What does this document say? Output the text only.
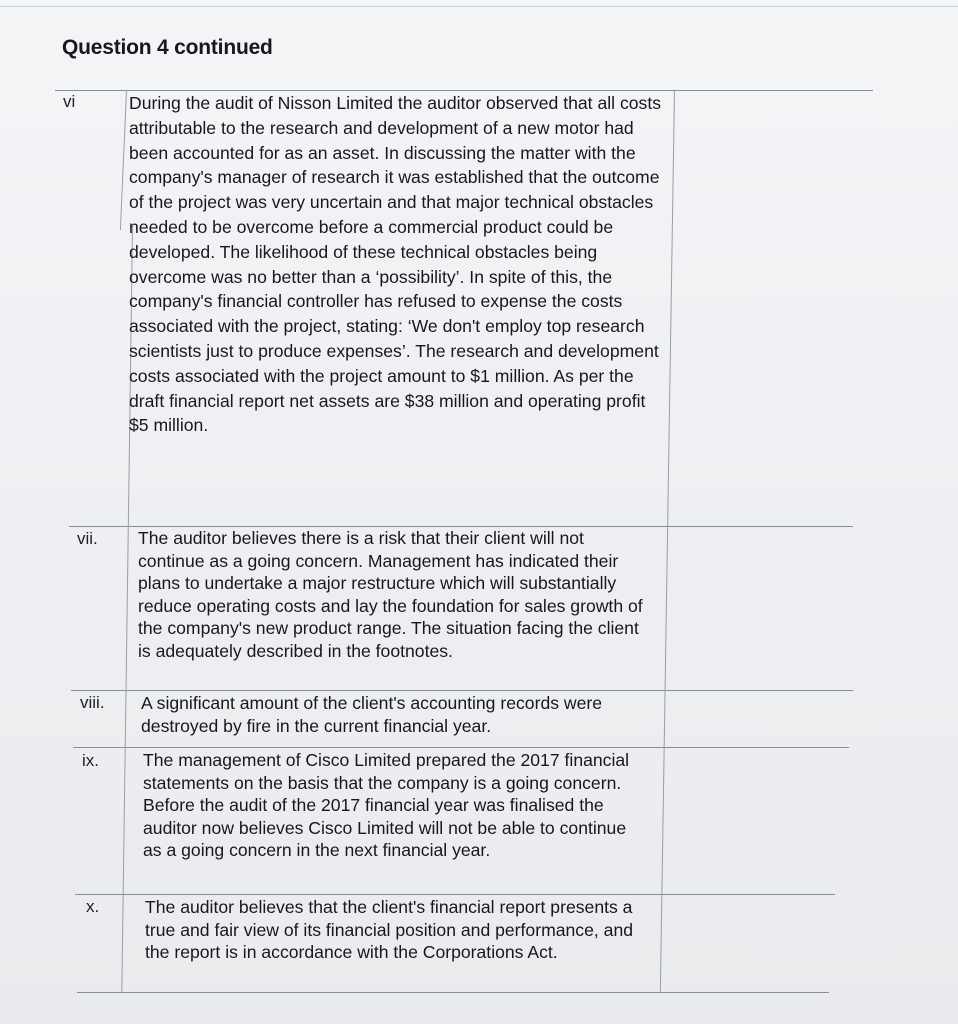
Question 4 continued
vi
vii.
viii.
ix.
x.

During the audit of Nisson Limited the auditor observed that all costs attributable to the research and development of a new motor had been accounted for as an asset. In discussing the matter with the company's manager of research it was established that the outcome of the project was very uncertain and that major technical obstacles needed to be overcome before a commercial product could be developed. The likelihood of these technical obstacles being overcome was no better than a ‘possibility’. In spite of this, the company's financial controller has refused to expense the costs associated with the project, stating: ‘We don't employ top research scientists just to produce expenses’. The research and development costs associated with the project amount to $1 million. As per the draft financial report net assets are $38 million and operating profit $5 million.

The auditor believes there is a risk that their client will not continue as a going concern. Management has indicated their plans to undertake a major restructure which will substantially reduce operating costs and lay the foundation for sales growth of the company's new product range. The situation facing the client is adequately described in the footnotes.

A significant amount of the client's accounting records were destroyed by fire in the current financial year.

The management of Cisco Limited prepared the 2017 financial statements on the basis that the company is a going concern. Before the audit of the 2017 financial year was finalised the auditor now believes Cisco Limited will not be able to continue as a going concern in the next financial year.

The auditor believes that the client's financial report presents a true and fair view of its financial position and performance, and the report is in accordance with the Corporations Act.
